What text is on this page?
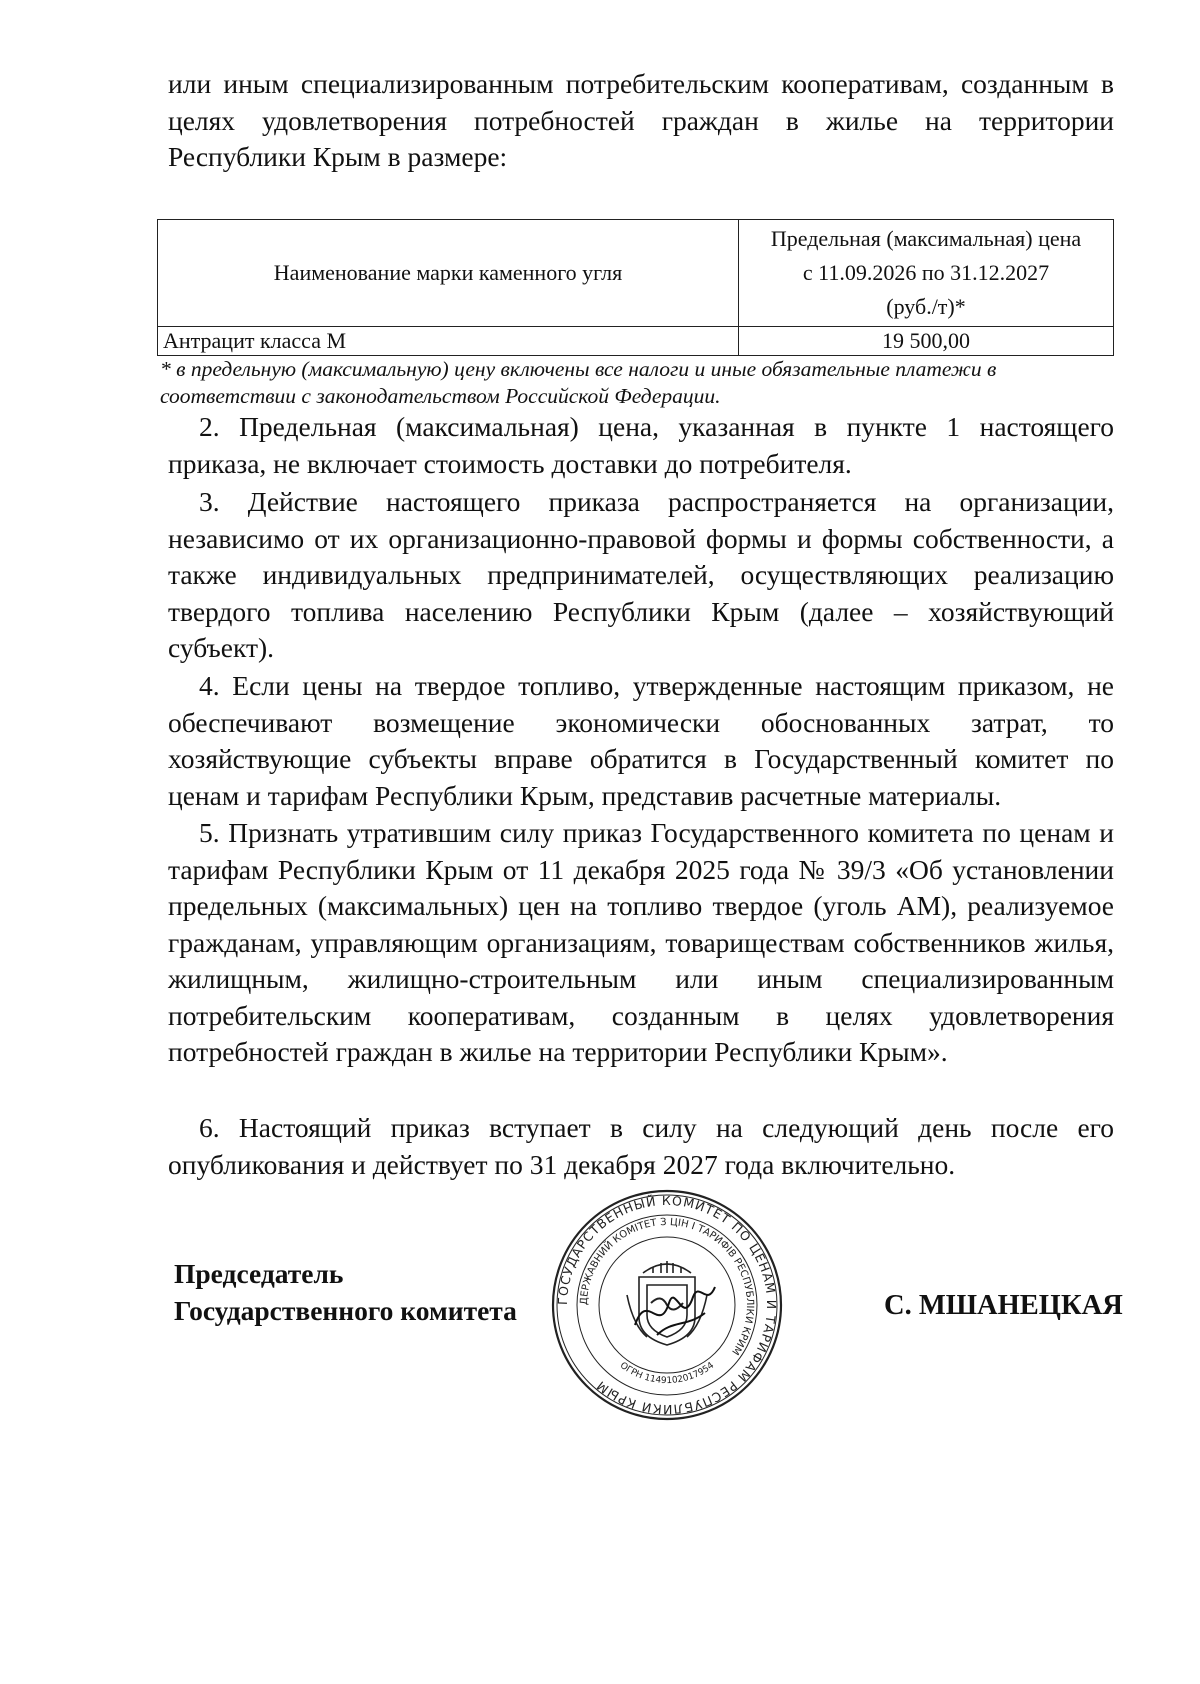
или иным специализированным потребительским кооперативам, созданным в целях удовлетворения потребностей граждан в жилье на территории Республики Крым в размере:

Наименование марки каменного угля	Предельная (максимальная) цена
с 11.09.2026 по 31.12.2027
(руб./т)*

Антрацит класса М	19 500,00
* в предельную (максимальную) цену включены все налоги и иные обязательные платежи в соответствии с законодательством Российской Федерации.

2. Предельная (максимальная) цена, указанная в пункте 1 настоящего приказа, не включает стоимость доставки до потребителя.

3. Действие настоящего приказа распространяется на организации, независимо от их организационно-правовой формы и формы собственности, а также индивидуальных предпринимателей, осуществляющих реализацию твердого топлива населению Республики Крым (далее – хозяйствующий субъект).

4. Если цены на твердое топливо, утвержденные настоящим приказом, не обеспечивают возмещение экономически обоснованных затрат, то хозяйствующие субъекты вправе обратится в Государственный комитет по ценам и тарифам Республики Крым, представив расчетные материалы.

5. Признать утратившим силу приказ Государственного комитета по ценам и тарифам Республики Крым от 11 декабря 2025 года № 39/3 «Об установлении предельных (максимальных) цен на топливо твердое (уголь АМ), реализуемое гражданам, управляющим организациям, товариществам собственников жилья, жилищным, жилищно-строительным или иным специализированным потребительским кооперативам, созданным в целях удовлетворения потребностей граждан в жилье на территории Республики Крым».

6. Настоящий приказ вступает в силу на следующий день после его опубликования и действует по 31 декабря 2027 года включительно.

Председатель
Государственного комитета	ГОСУДАРСТВЕННЫЙ КОМИТЕТ ПО ЦЕНАМ И ТАРИФАМ РЕСПУБЛИКИ КРЫМ
ДЕРЖАВНИЙ КОМІТЕТ З ЦІН І ТАРИФІВ РЕСПУБЛІКИ КРИМ
ОГРН 1149102017954
С. МШАНЕЦКАЯ
